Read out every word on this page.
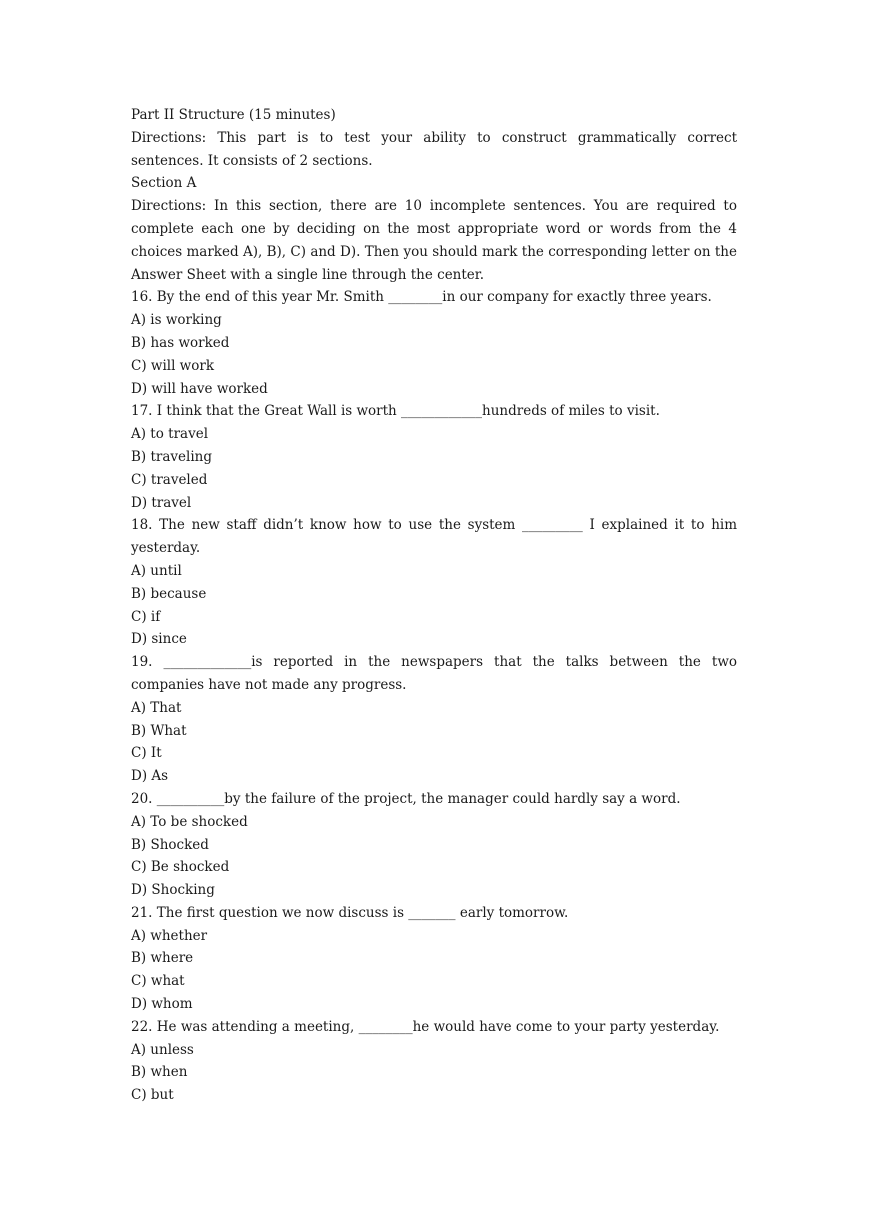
Part II Structure (15 minutes)
Directions: This part is to test your ability to construct grammatically correct sentences. It consists of 2 sections.
Section A
Directions: In this section, there are 10 incomplete sentences. You are required to complete each one by deciding on the most appropriate word or words from the 4 choices marked A), B), C) and D). Then you should mark the corresponding letter on the Answer Sheet with a single line through the center.
16. By the end of this year Mr. Smith ________in our company for exactly three years.
A) is working
B) has worked
C) will work
D) will have worked
17. I think that the Great Wall is worth ____________hundreds of miles to visit.
A) to travel
B) traveling
C) traveled
D) travel
18. The new staff didn’t know how to use the system _________ I explained it to him yesterday.
A) until
B) because
C) if
D) since
19. _____________is reported in the newspapers that the talks between the two companies have not made any progress.
A) That
B) What
C) It
D) As
20. __________by the failure of the project, the manager could hardly say a word.
A) To be shocked
B) Shocked
C) Be shocked
D) Shocking
21. The first question we now discuss is _______ early tomorrow.
A) whether
B) where
C) what
D) whom
22. He was attending a meeting, ________he would have come to your party yesterday.
A) unless
B) when
C) but
